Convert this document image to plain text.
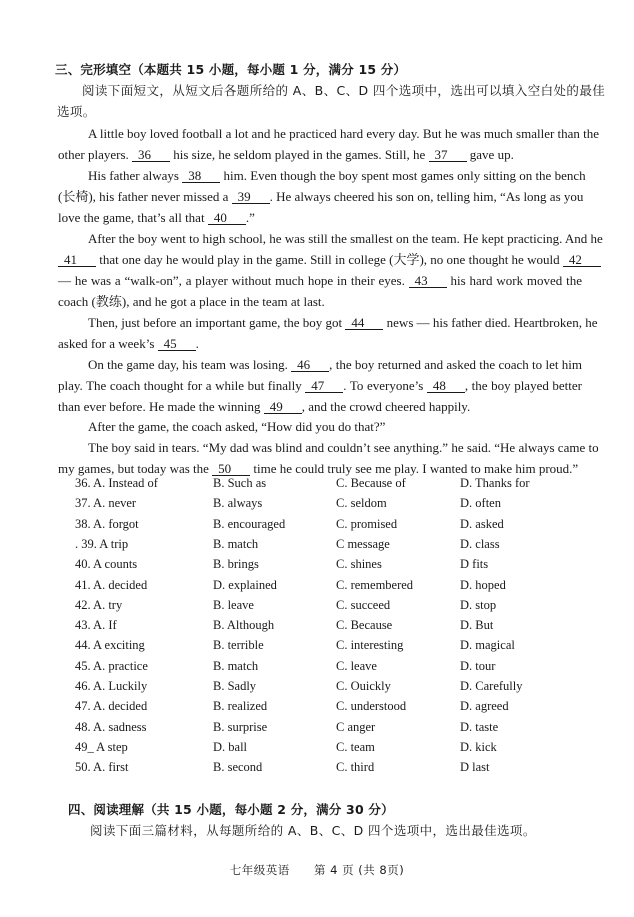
三、完形填空（本题共 15 小题，每小题 1 分，满分 15 分）
阅读下面短文，从短文后各题所给的 A、B、C、D 四个选项中，选出可以填入空白处的最佳
选项。
A little boy loved football a lot and he practiced hard every day. But he was much smaller than the
other players. 36 his size, he seldom played in the games. Still, he 37 gave up.
His father always 38 him. Even though the boy spent most games only sitting on the bench
(长椅), his father never missed a 39 . He always cheered his son on, telling him, “As long as you
love the game, that’s all that 40 .”
After the boy went to high school, he was still the smallest on the team. He kept practicing. And he
41 that one day he would play in the game. Still in college (大学), no one thought he would 42
— he was a “walk-on”, a player without much hope in their eyes. 43 his hard work moved the
coach (教练), and he got a place in the team at last.
Then, just before an important game, the boy got 44 news — his father died. Heartbroken, he
asked for a week’s 45 .
On the game day, his team was losing. 46 , the boy returned and asked the coach to let him
play. The coach thought for a while but finally 47 . To everyone’s 48 , the boy played better
than ever before. He made the winning 49 , and the crowd cheered happily.
After the game, the coach asked, “How did you do that?”
The boy said in tears. “My dad was blind and couldn’t see anything.” he said. “He always came to
my games, but today was the 50 time he could truly see me play. I wanted to make him proud.”
36. A. Instead of	B. Such as	C. Because of	D. Thanks for
37. A. never	B. always	C. seldom	D. often
38. A. forgot	B. encouraged	C. promised	D. asked
. 39. A trip	B. match	C message	D. class
40. A counts	B. brings	C. shines	D fits
41. A. decided	D. explained	C. remembered	D. hoped
42. A. try	B. leave	C. succeed	D. stop
43. A. If	B. Although	C. Because	D. But
44. A exciting	B. terrible	C. interesting	D. magical
45. A. practice	B. match	C. leave	D. tour
46. A. Luckily	B. Sadly	C. Ouickly	D. Carefully
47. A. decided	B. realized	C. understood	D. agreed
48. A. sadness	B. surprise	C anger	D. taste
49_ A step	D. ball	C. team	D. kick
50. A. first	B. second	C. third	D last
四、阅读理解（共 15 小题，每小题 2 分，满分 30 分）
阅读下面三篇材料，从每题所给的 A、B、C、D 四个选项中，选出最佳选项。
七年级英语 第 4 页 (共 8页)
